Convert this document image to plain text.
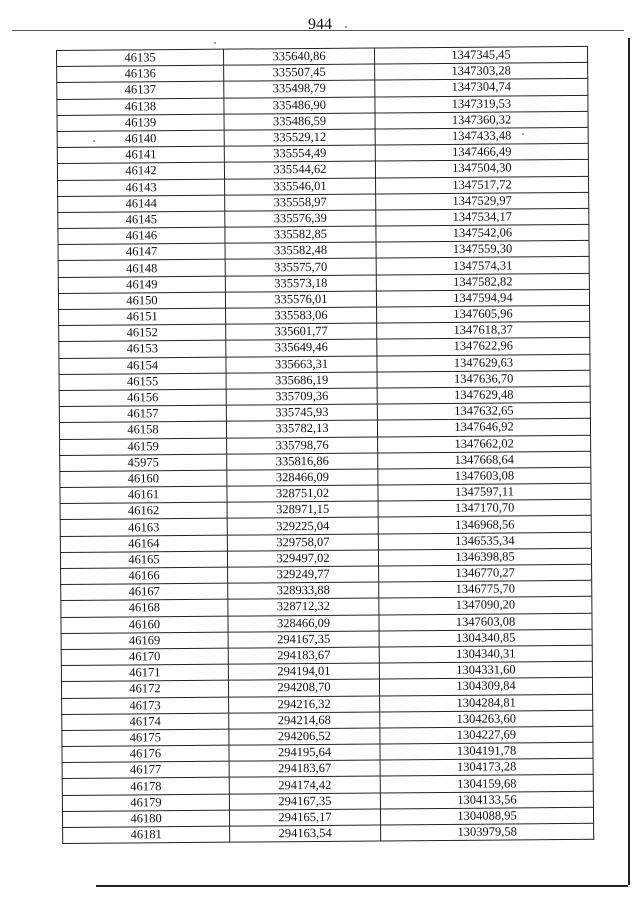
944
46135	335640,86	1347345,45
46136	335507,45	1347303,28
46137	335498,79	1347304,74
46138	335486,90	1347319,53
46139	335486,59	1347360,32
46140	335529,12	1347433,48
46141	335554,49	1347466,49
46142	335544,62	1347504,30
46143	335546,01	1347517,72
46144	335558,97	1347529,97
46145	335576,39	1347534,17
46146	335582,85	1347542,06
46147	335582,48	1347559,30
46148	335575,70	1347574,31
46149	335573,18	1347582,82
46150	335576,01	1347594,94
46151	335583,06	1347605,96
46152	335601,77	1347618,37
46153	335649,46	1347622,96
46154	335663,31	1347629,63
46155	335686,19	1347636,70
46156	335709,36	1347629,48
46157	335745,93	1347632,65
46158	335782,13	1347646,92
46159	335798,76	1347662,02
45975	335816,86	1347668,64
46160	328466,09	1347603,08
46161	328751,02	1347597,11
46162	328971,15	1347170,70
46163	329225,04	1346968,56
46164	329758,07	1346535,34
46165	329497,02	1346398,85
46166	329249,77	1346770,27
46167	328933,88	1346775,70
46168	328712,32	1347090,20
46160	328466,09	1347603,08
46169	294167,35	1304340,85
46170	294183,67	1304340,31
46171	294194,01	1304331,60
46172	294208,70	1304309,84
46173	294216,32	1304284,81
46174	294214,68	1304263,60
46175	294206,52	1304227,69
46176	294195,64	1304191,78
46177	294183,67	1304173,28
46178	294174,42	1304159,68
46179	294167,35	1304133,56
46180	294165,17	1304088,95
46181	294163,54	1303979,58
